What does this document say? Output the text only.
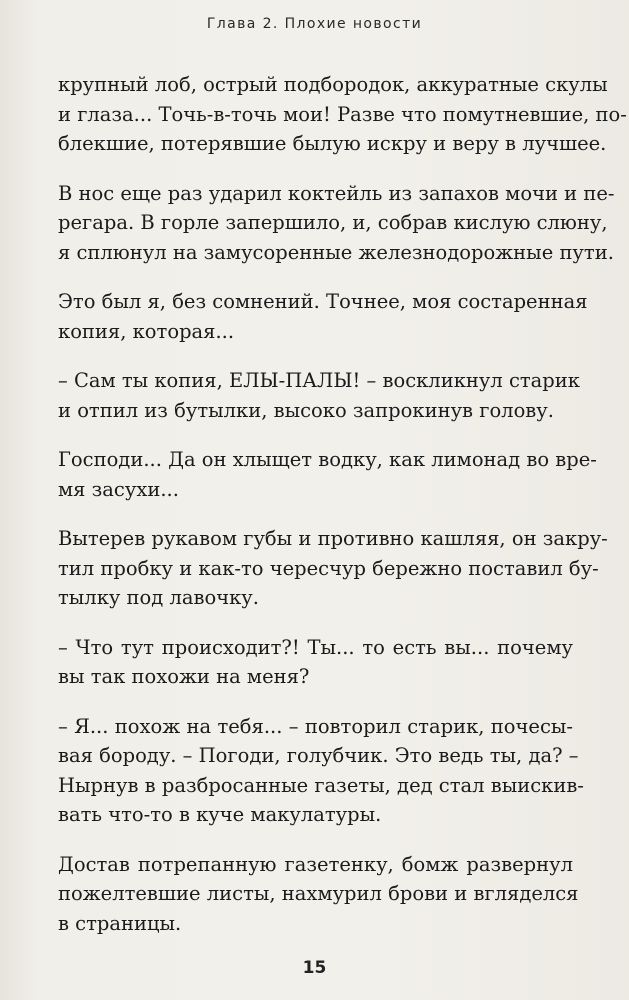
Глава 2. Плохие новости

крупный лоб, острый подбородок, аккуратные скулы
и глаза... Точь-в-точь мои! Разве что помутневшие, по-
блекшие, потерявшие былую искру и веру в лучшее.

В нос еще раз ударил коктейль из запахов мочи и пе-
регара. В горле запершило, и, собрав кислую слюну,
я сплюнул на замусоренные железнодорожные пути.

Это был я, без сомнений. Точнее, моя состаренная
копия, которая...

– Сам ты копия, ЕЛЫ-ПАЛЫ! – воскликнул старик
и отпил из бутылки, высоко запрокинув голову.

Господи... Да он хлыщет водку, как лимонад во вре-
мя засухи...

Вытерев рукавом губы и противно кашляя, он закру-
тил пробку и как-то чересчур бережно поставил бу-
тылку под лавочку.

– Что тут происходит?! Ты... то есть вы... почему
вы так похожи на меня?

– Я... похож на тебя... – повторил старик, почесы-
вая бороду. – Погоди, голубчик. Это ведь ты, да? –
Нырнув в разбросанные газеты, дед стал выискив-
вать что-то в куче макулатуры.

Достав потрепанную газетенку, бомж развернул
пожелтевшие листы, нахмурил брови и вгляделся
в страницы.

15
